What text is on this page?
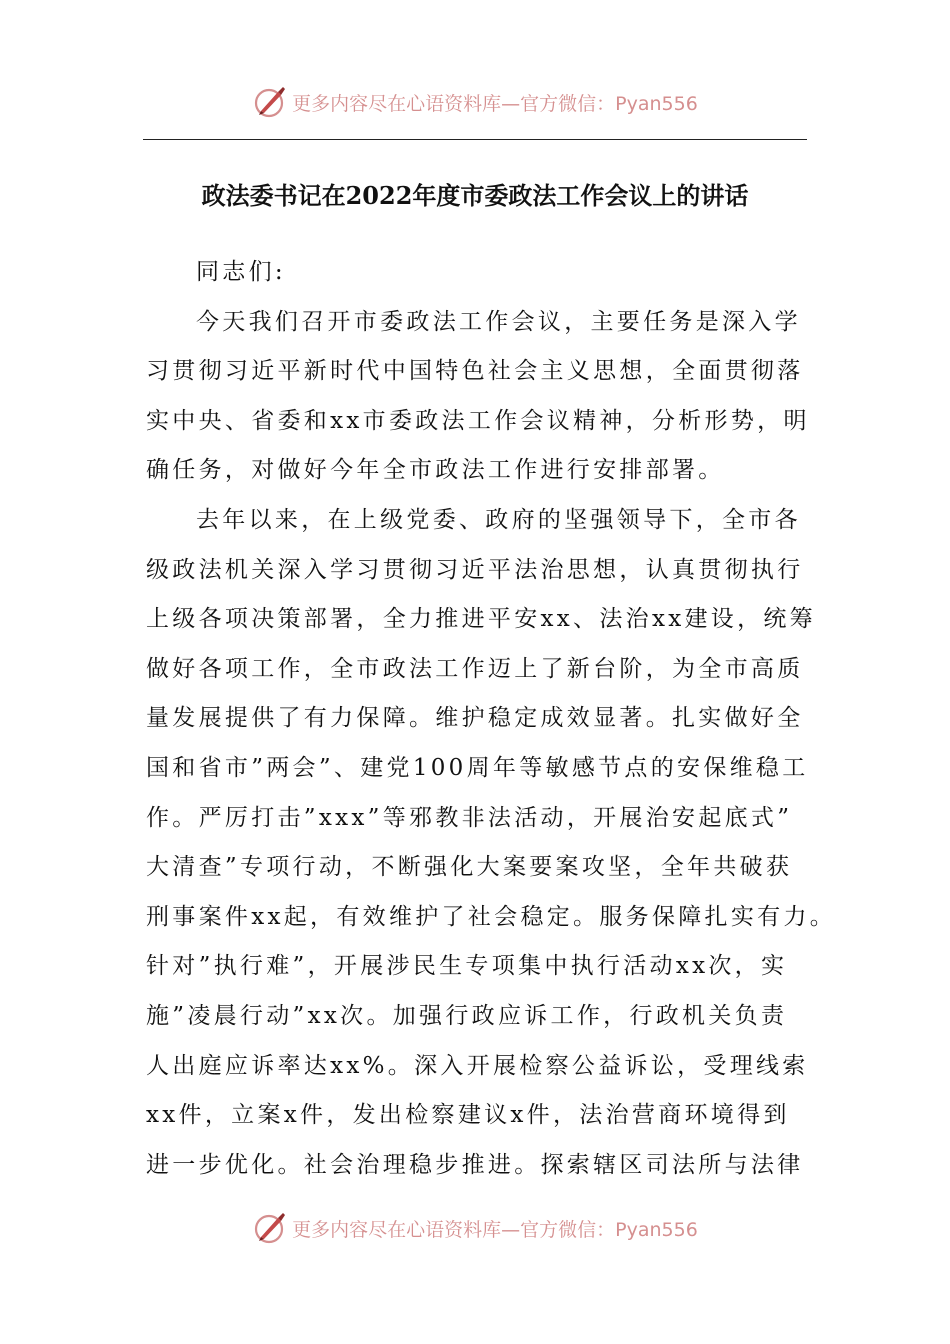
更多内容尽在心语资料库—官方微信：Pyan556
政法委书记在2022年度市委政法工作会议上的讲话
同志们:
今天我们召开市委政法工作会议，主要任务是深入学
习贯彻习近平新时代中国特色社会主义思想，全面贯彻落
实中央、省委和xx市委政法工作会议精神，分析形势，明
确任务，对做好今年全市政法工作进行安排部署。
去年以来，在上级党委、政府的坚强领导下，全市各
级政法机关深入学习贯彻习近平法治思想，认真贯彻执行
上级各项决策部署，全力推进平安xx、法治xx建设，统筹
做好各项工作，全市政法工作迈上了新台阶，为全市高质
量发展提供了有力保障。维护稳定成效显著。扎实做好全
国和省市”两会”、建党100周年等敏感节点的安保维稳工
作。严厉打击”xxx”等邪教非法活动，开展治安起底式”
大清查”专项行动，不断强化大案要案攻坚，全年共破获
刑事案件xx起，有效维护了社会稳定。服务保障扎实有力。
针对”执行难”，开展涉民生专项集中执行活动xx次，实
施”凌晨行动”xx次。加强行政应诉工作，行政机关负责
人出庭应诉率达xx%。深入开展检察公益诉讼，受理线索
xx件，立案x件，发出检察建议x件，法治营商环境得到
进一步优化。社会治理稳步推进。探索辖区司法所与法律
更多内容尽在心语资料库—官方微信：Pyan556
